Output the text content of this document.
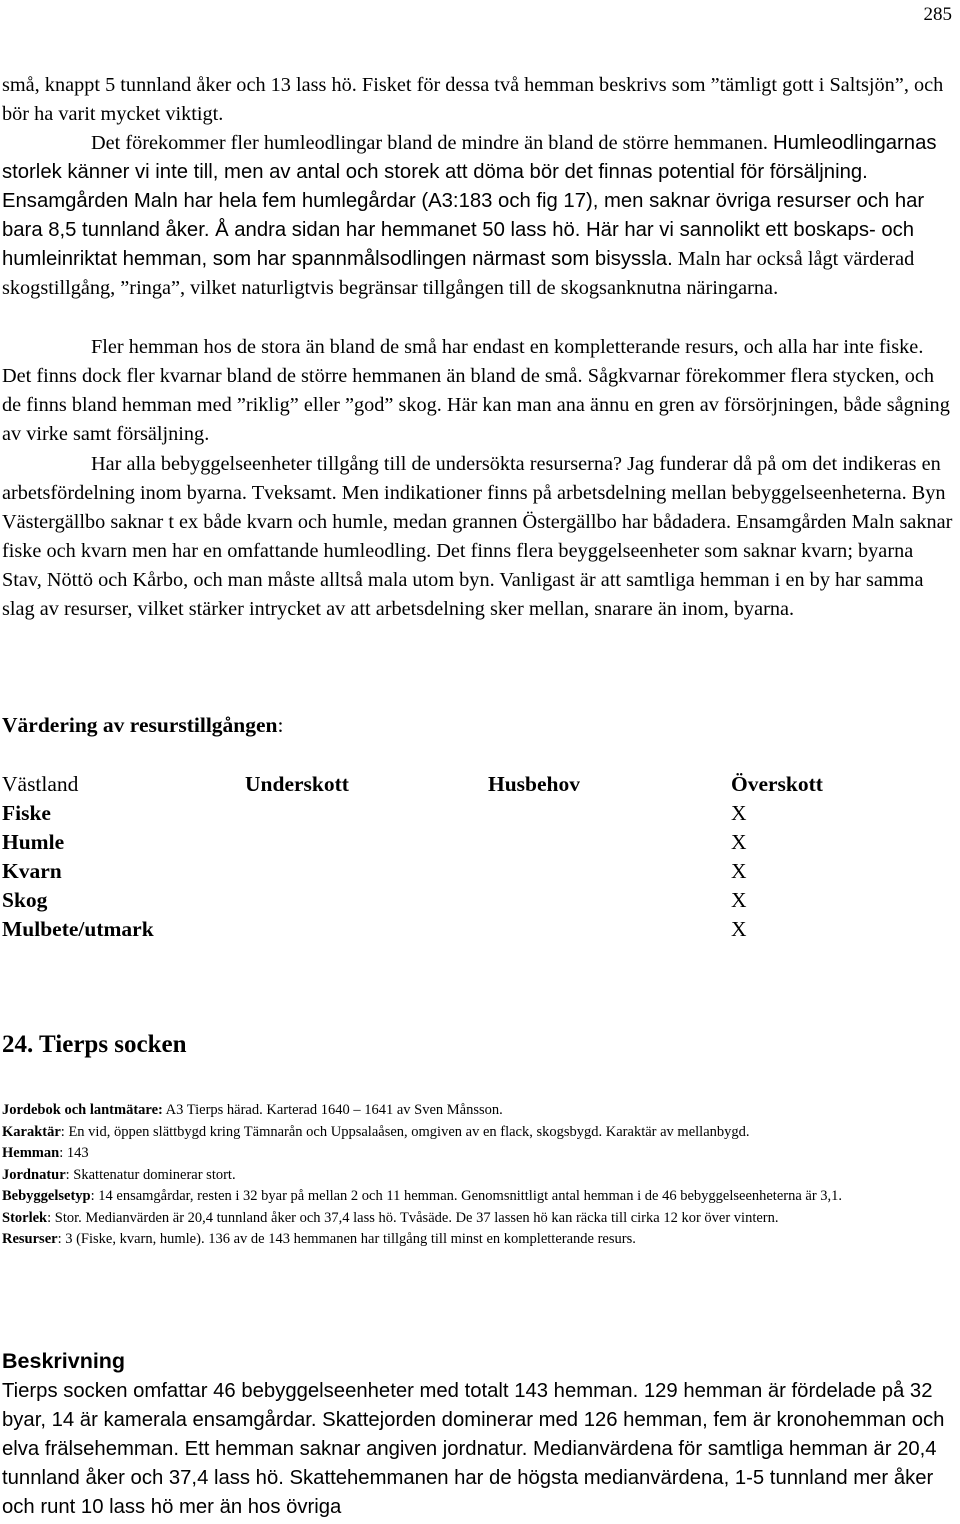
285

små, knappt 5 tunnland åker och 13 lass hö. Fisket för dessa två hemman beskrivs som ”tämligt gott i Saltsjön”, och bör ha varit mycket viktigt.

Det förekommer fler humleodlingar bland de mindre än bland de större hemmanen. Humleodlingarnas storlek känner vi inte till, men av antal och storek att döma bör det finnas potential för försäljning. Ensamgården Maln har hela fem humlegårdar (A3:183 och fig 17), men saknar övriga resurser och har bara 8,5 tunnland åker. Å andra sidan har hemmanet 50 lass hö. Här har vi sannolikt ett boskaps- och humleinriktat hemman, som har spannmålsodlingen närmast som bisyssla. Maln har också lågt värderad skogstillgång, ”ringa”, vilket naturligtvis begränsar tillgången till de skogsanknutna näringarna.

Fler hemman hos de stora än bland de små har endast en kompletterande resurs, och alla har inte fiske. Det finns dock fler kvarnar bland de större hemmanen än bland de små. Sågkvarnar förekommer flera stycken, och de finns bland hemman med ”riklig” eller ”god” skog. Här kan man ana ännu en gren av försörjningen, både sågning av virke samt försäljning.

Har alla bebyggelseenheter tillgång till de undersökta resurserna? Jag funderar då på om det indikeras en arbetsfördelning inom byarna. Tveksamt. Men indikationer finns på arbetsdelning mellan bebyggelseenheterna. Byn Västergällbo saknar t ex både kvarn och humle, medan grannen Östergällbo har bådadera. Ensamgården Maln saknar fiske och kvarn men har en omfattande humleodling. Det finns flera beyggelseenheter som saknar kvarn; byarna Stav, Nöttö och Kårbo, och man måste alltså mala utom byn. Vanligast är att samtliga hemman i en by har samma slag av resurser, vilket stärker intrycket av att arbetsdelning sker mellan, snarare än inom, byarna.

Värdering av resurstillgången:

Västland	Underskott	Husbehov	Överskott
Fiske			X
Humle			X
Kvarn			X
Skog			X
Mulbete/utmark			X

24. Tierps socken

Jordebok och lantmätare: A3 Tierps härad. Karterad 1640 – 1641 av Sven Månsson.
Karaktär: En vid, öppen slättbygd kring Tämnarån och Uppsalaåsen, omgiven av en flack, skogsbygd. Karaktär av mellanbygd.
Hemman: 143
Jordnatur: Skattenatur dominerar stort.
Bebyggelsetyp: 14 ensamgårdar, resten i 32 byar på mellan 2 och 11 hemman. Genomsnittligt antal hemman i de 46 bebyggelseenheterna är 3,1.
Storlek: Stor. Medianvärden är 20,4 tunnland åker och 37,4 lass hö. Tvåsäde. De 37 lassen hö kan räcka till cirka 12 kor över vintern.
Resurser: 3 (Fiske, kvarn, humle). 136 av de 143 hemmanen har tillgång till minst en kompletterande resurs.

Beskrivning

Tierps socken omfattar 46 bebyggelseenheter med totalt 143 hemman. 129 hemman är fördelade på 32 byar, 14 är kamerala ensamgårdar. Skattejorden dominerar med 126 hemman, fem är kronohemman och elva frälsehemman. Ett hemman saknar angiven jordnatur. Medianvärdena för samtliga hemman är 20,4 tunnland åker och 37,4 lass hö. Skattehemmanen har de högsta medianvärdena, 1-5 tunnland mer åker och runt 10 lass hö mer än hos övriga
